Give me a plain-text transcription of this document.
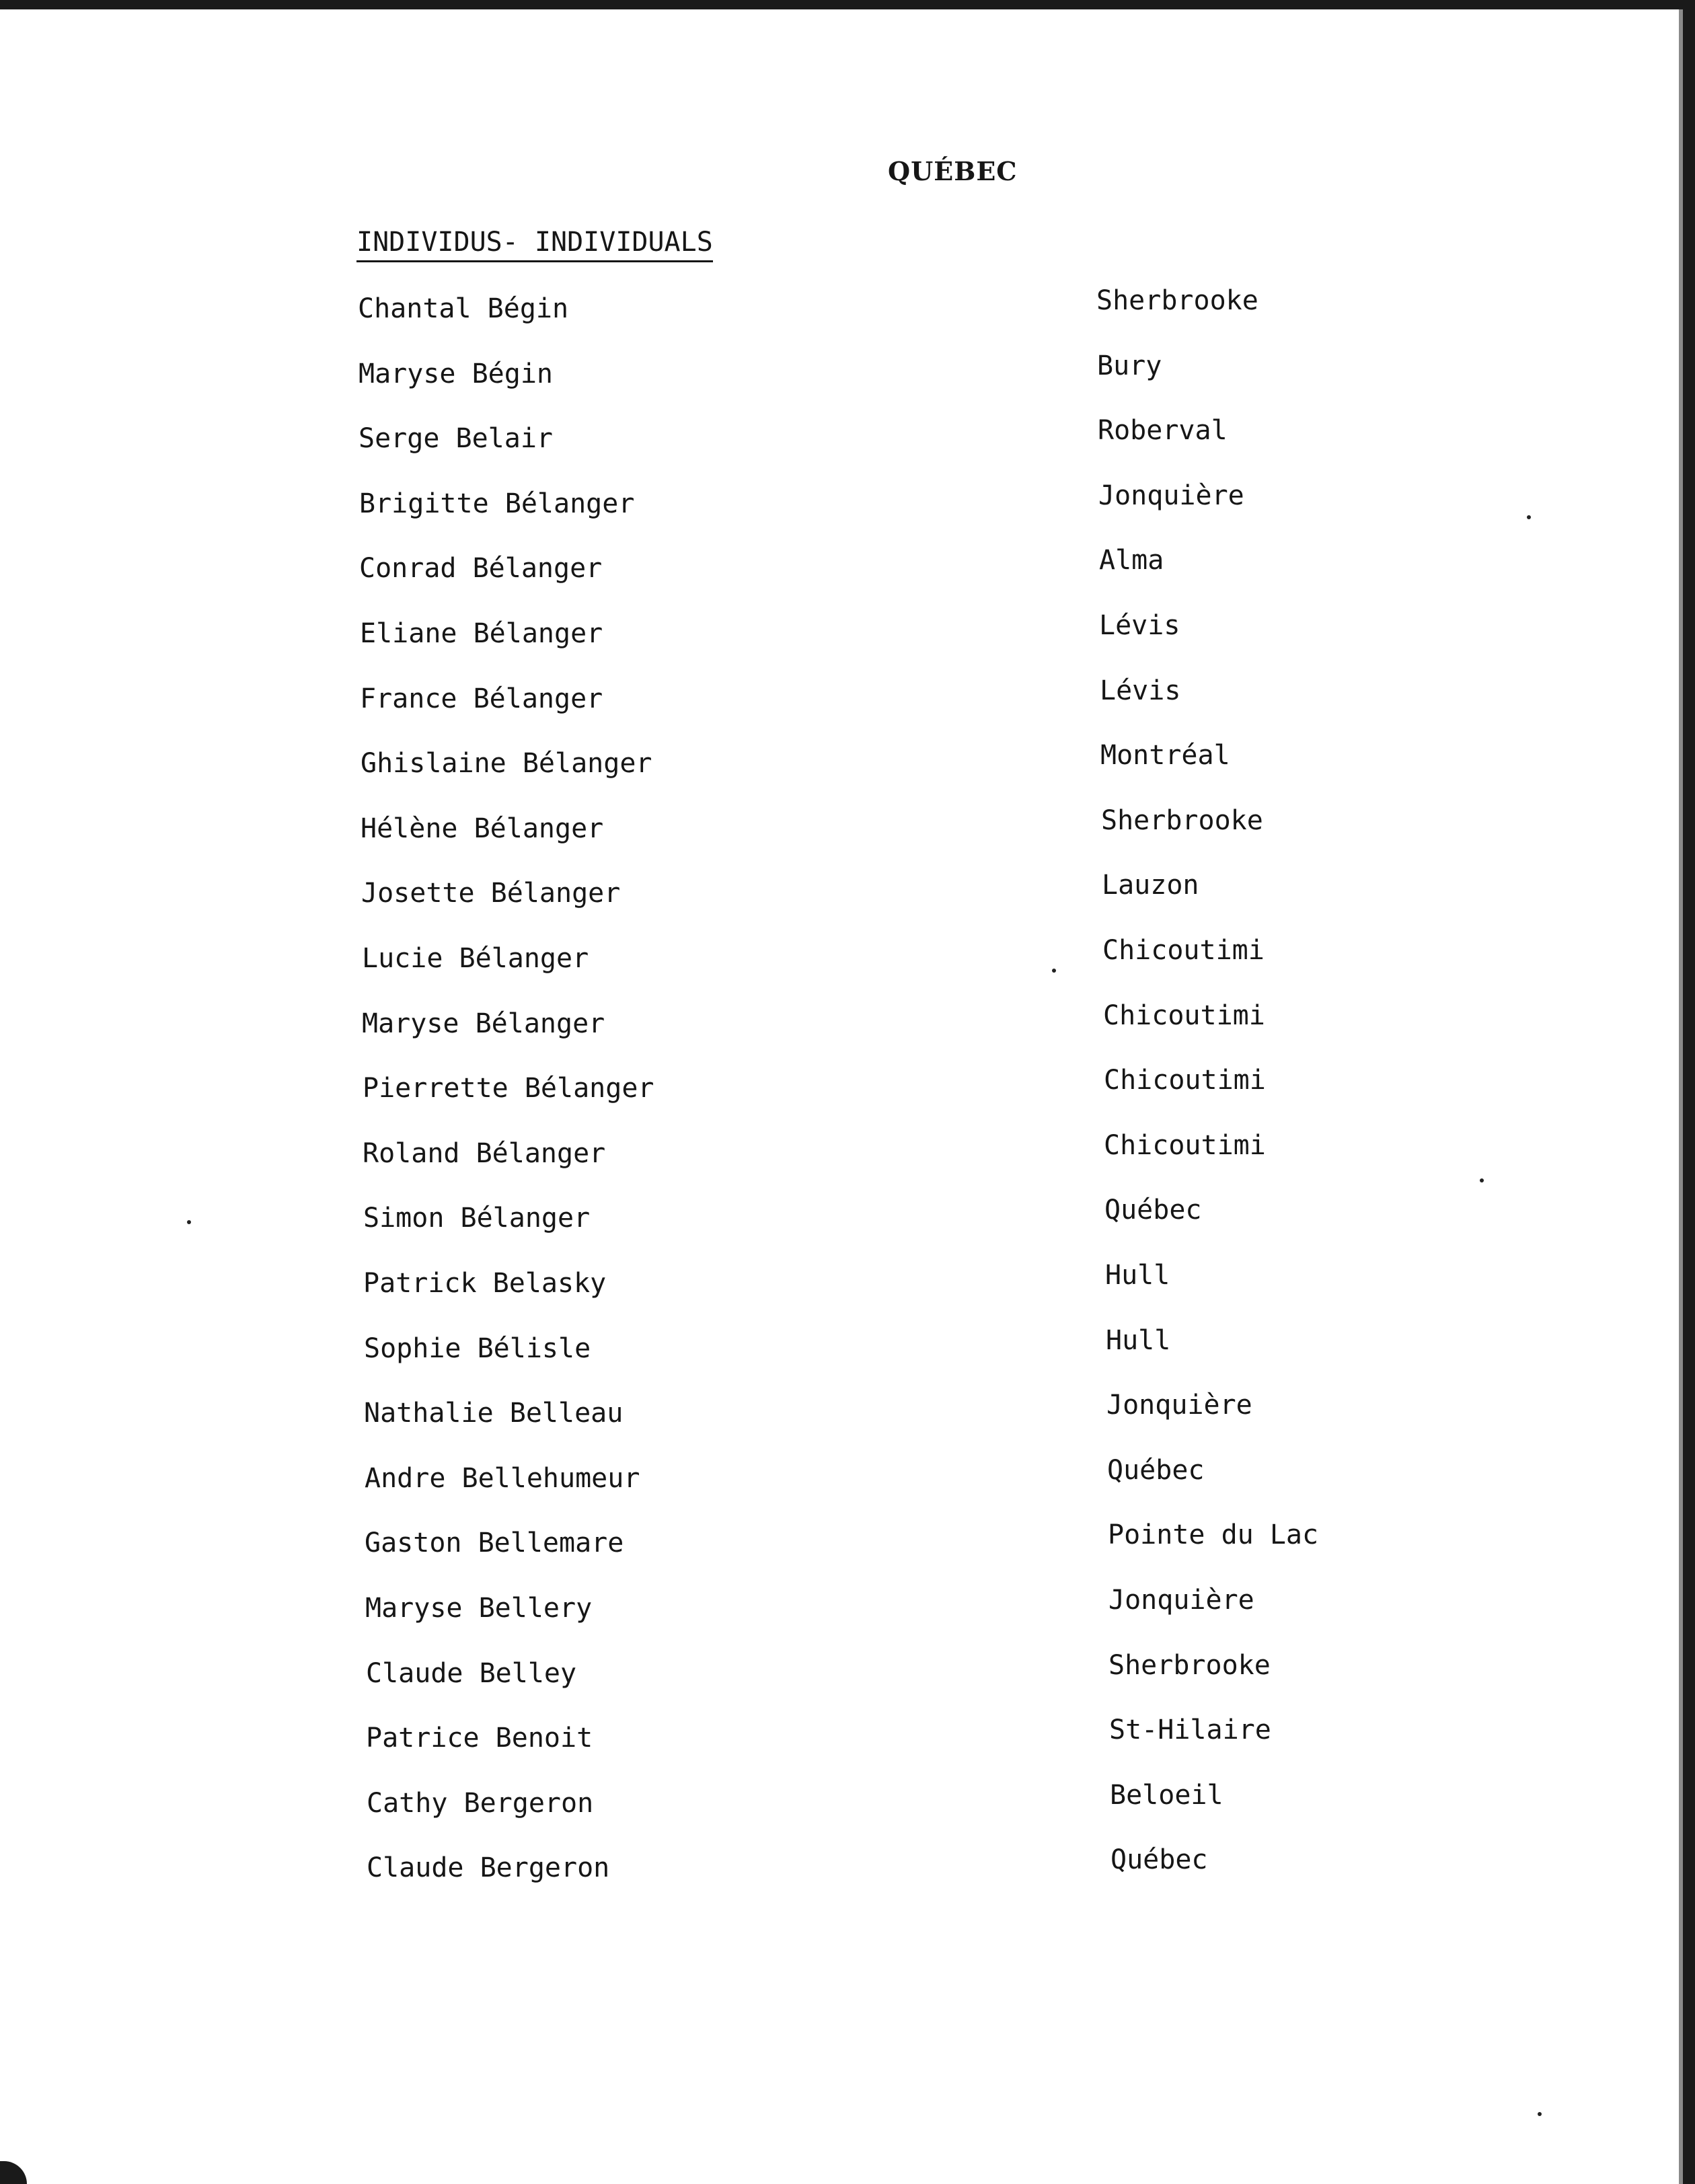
QUÉBEC
INDIVIDUS- INDIVIDUALS
Chantal Bégin	Sherbrooke
Maryse Bégin	Bury
Serge Belair	Roberval
Brigitte Bélanger	Jonquière
Conrad Bélanger	Alma
Eliane Bélanger	Lévis
France Bélanger	Lévis
Ghislaine Bélanger	Montréal
Hélène Bélanger	Sherbrooke
Josette Bélanger	Lauzon
Lucie Bélanger	Chicoutimi
Maryse Bélanger	Chicoutimi
Pierrette Bélanger	Chicoutimi
Roland Bélanger	Chicoutimi
Simon Bélanger	Québec
Patrick Belasky	Hull
Sophie Bélisle	Hull
Nathalie Belleau	Jonquière
Andre Bellehumeur	Québec
Gaston Bellemare	Pointe du Lac
Maryse Bellery	Jonquière
Claude Belley	Sherbrooke
Patrice Benoit	St-Hilaire
Cathy Bergeron	Beloeil
Claude Bergeron	Québec
